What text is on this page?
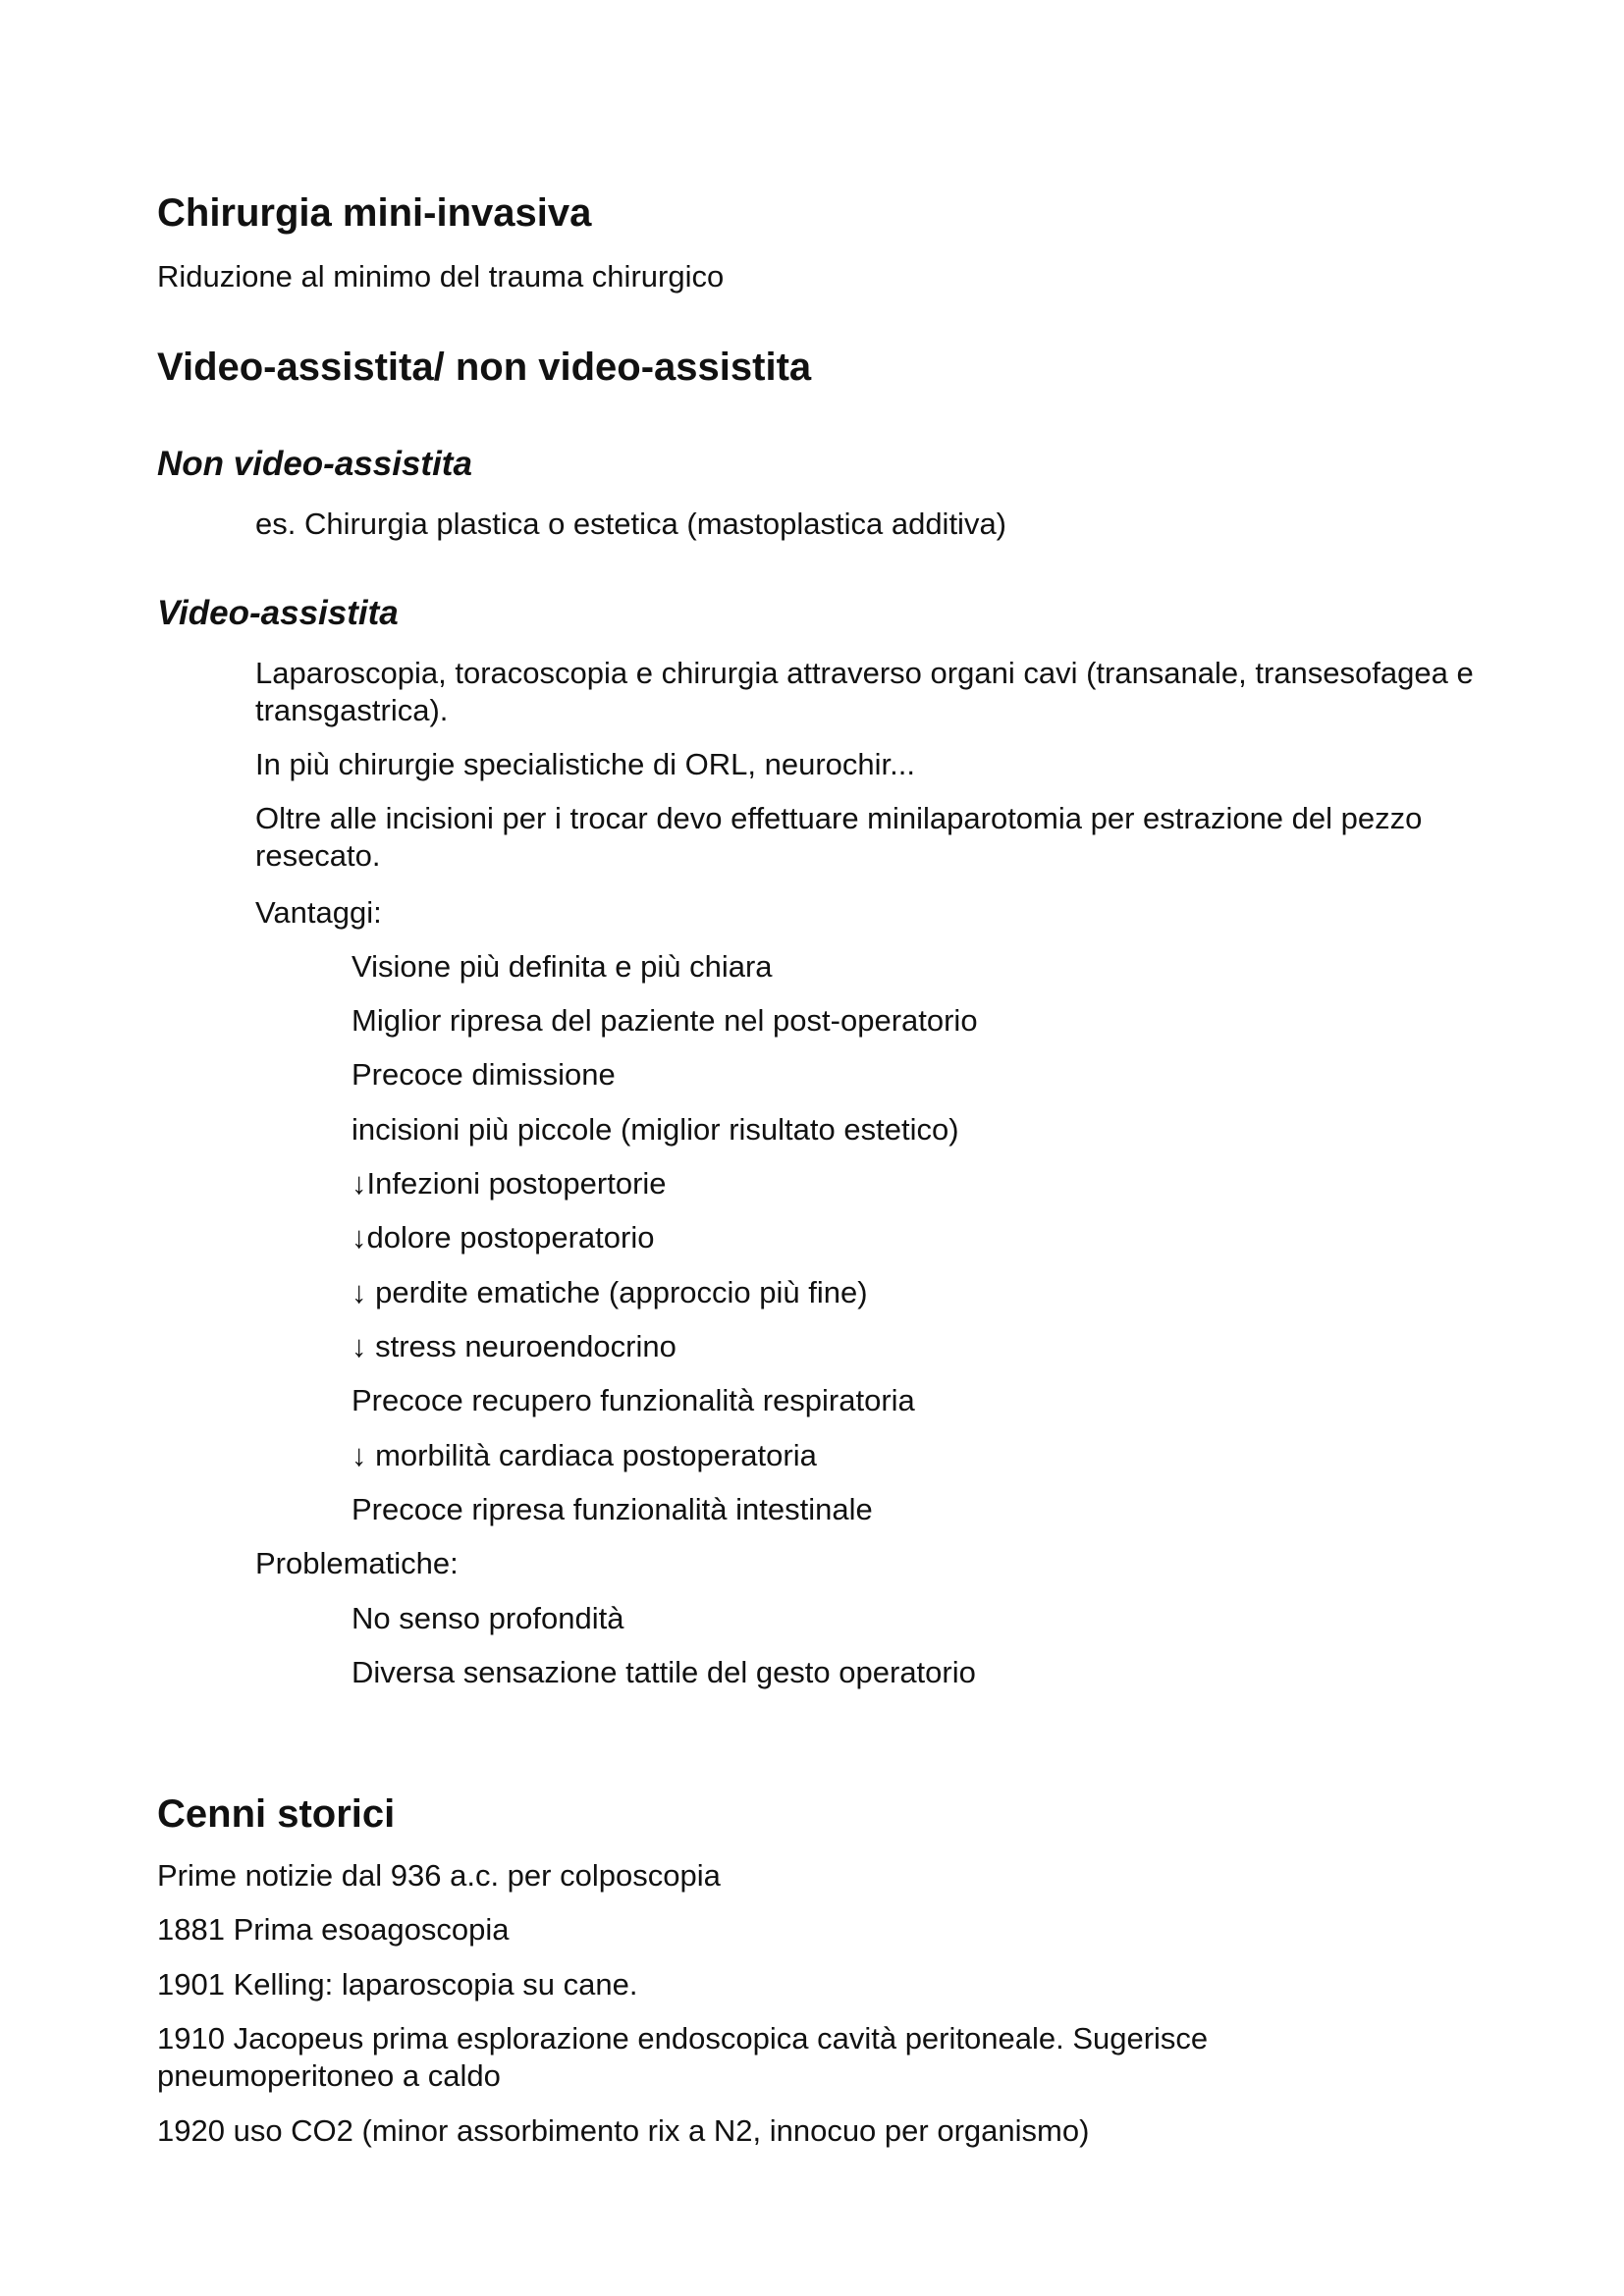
Chirurgia mini-invasiva

Riduzione al minimo del trauma chirurgico

Video-assistita/ non video-assistita
Non video-assistita

es. Chirurgia plastica o estetica (mastoplastica additiva)

Video-assistita

Laparoscopia, toracoscopia e chirurgia attraverso organi cavi (transanale, transesofagea e transgastrica).

In più chirurgie specialistiche di ORL, neurochir...

Oltre alle incisioni per i trocar devo effettuare minilaparotomia per estrazione del pezzo resecato.

Vantaggi:

Visione più definita e più chiara

Miglior ripresa del paziente nel post-operatorio

Precoce dimissione

incisioni più piccole (miglior risultato estetico)

↓Infezioni postopertorie

↓dolore postoperatorio

↓ perdite ematiche (approccio più fine)

↓ stress neuroendocrino

Precoce recupero funzionalità respiratoria

↓ morbilità cardiaca postoperatoria

Precoce ripresa funzionalità intestinale

Problematiche:

No senso profondità

Diversa sensazione tattile del gesto operatorio

Cenni storici

Prime notizie dal 936 a.c. per colposcopia

1881 Prima esoagoscopia

1901 Kelling: laparoscopia su cane.

1910 Jacopeus prima esplorazione endoscopica cavità peritoneale. Sugerisce pneumoperitoneo a caldo

1920 uso CO2 (minor assorbimento rix a N2, innocuo per organismo)
